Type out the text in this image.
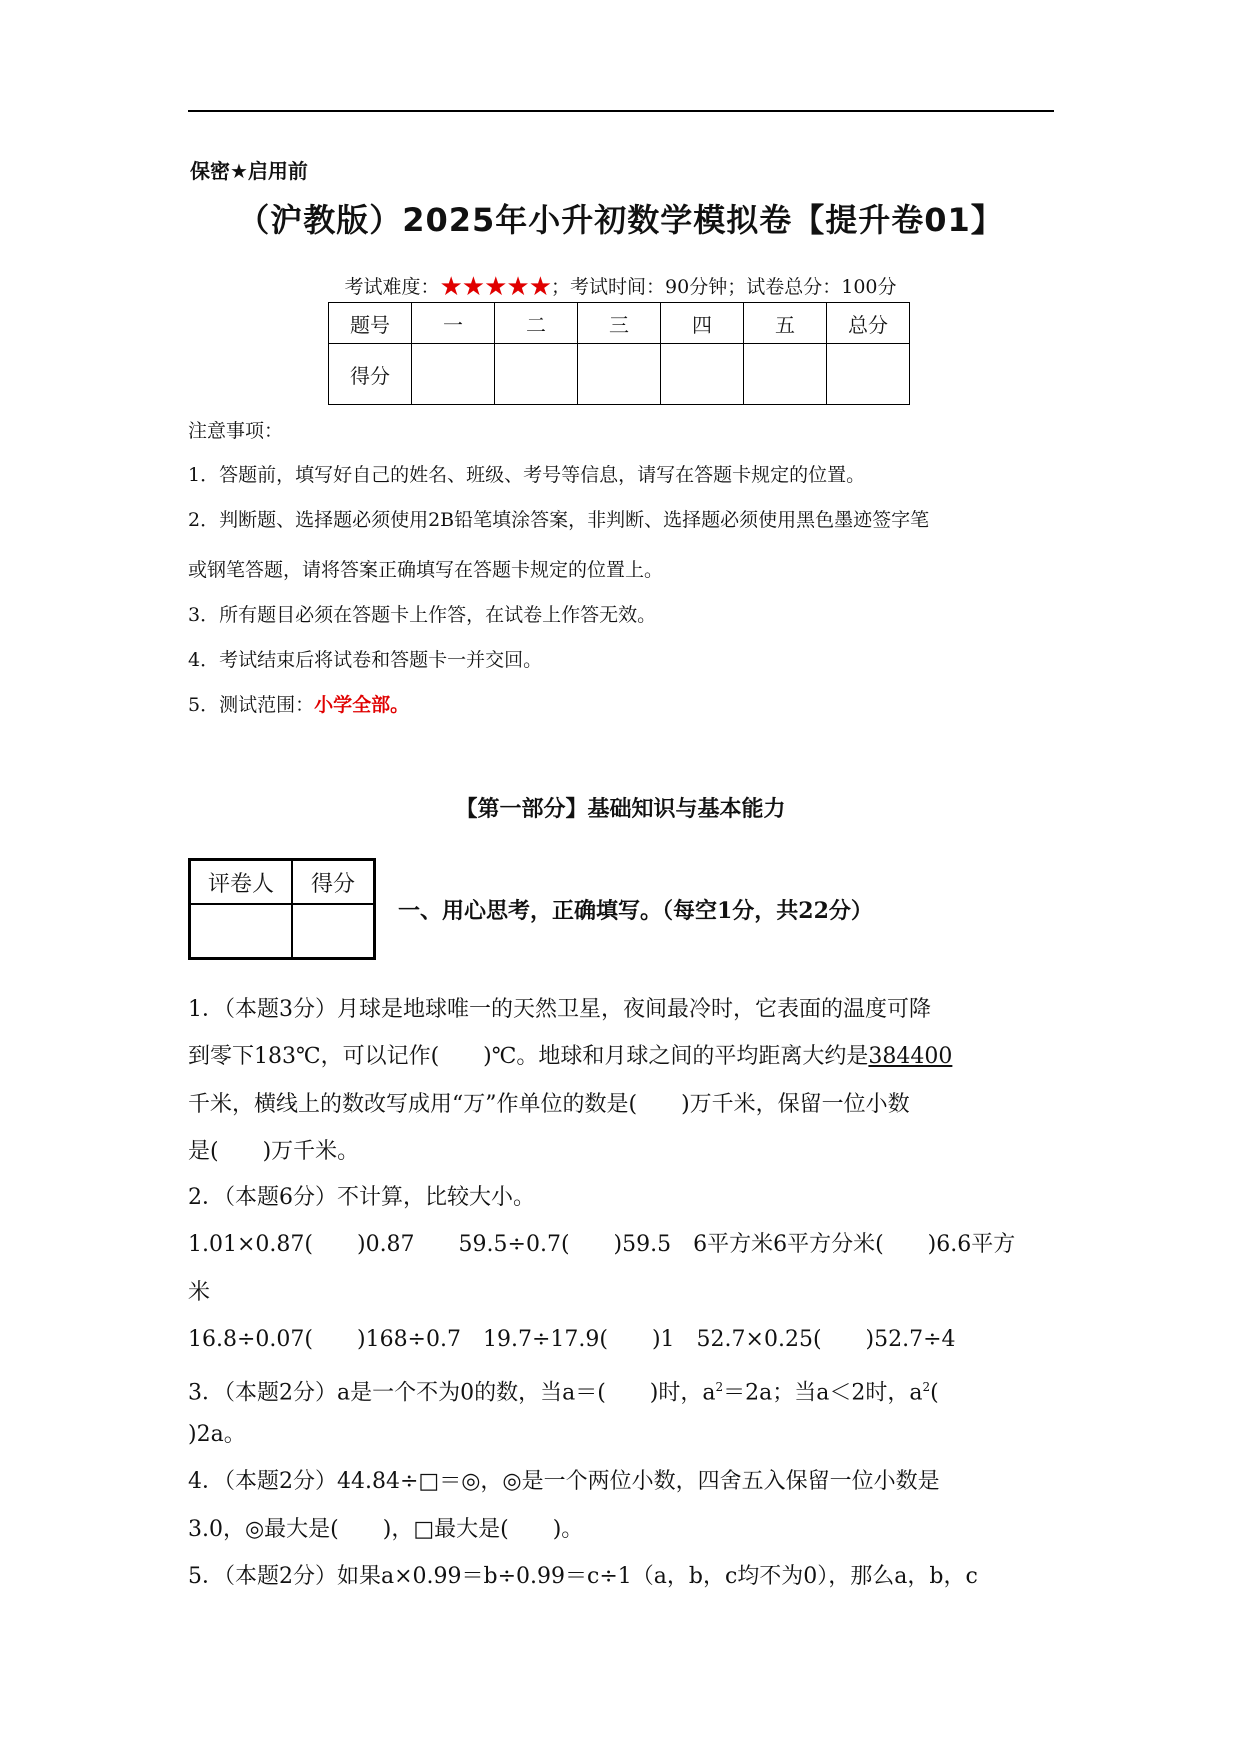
保密★启用前
（沪教版）2025年小升初数学模拟卷【提升卷01】
考试难度：★★★★★；考试时间：90分钟；试卷总分：100分
题号	一	二	三	四	五	总分
得分						
注意事项：
1．答题前，填写好自己的姓名、班级、考号等信息，请写在答题卡规定的位置。
2．判断题、选择题必须使用2B铅笔填涂答案，非判断、选择题必须使用黑色墨迹签字笔
或钢笔答题，请将答案正确填写在答题卡规定的位置上。
3．所有题目必须在答题卡上作答，在试卷上作答无效。
4．考试结束后将试卷和答题卡一并交回。
5．测试范围：小学全部。
【第一部分】基础知识与基本能力
评卷人	得分

一、用心思考，正确填写。（每空1分，共22分）
1．（本题3分）月球是地球唯一的天然卫星，夜间最冷时，它表面的温度可降
到零下183℃，可以记作(　　)℃。地球和月球之间的平均距离大约是384400
千米，横线上的数改写成用“万”作单位的数是(　　)万千米，保留一位小数
是(　　)万千米。
2．（本题6分）不计算，比较大小。
1.01×0.87(　　)0.87　　59.5÷0.7(　　)59.5　6平方米6平方分米(　　)6.6平方
米
16.8÷0.07(　　)168÷0.7　19.7÷17.9(　　)1　52.7×0.25(　　)52.7÷4
3．（本题2分）a是一个不为0的数，当a＝(　　)时，$a^2=2a$；当a＜2时，$a^2$(
)2a。
4．（本题2分）44.84÷□＝◎，◎是一个两位小数，四舍五入保留一位小数是
3.0，◎最大是(　　)，□最大是(　　)。
5．（本题2分）如果a×0.99＝b÷0.99＝c÷1（a，b，c均不为0），那么a，b，c
